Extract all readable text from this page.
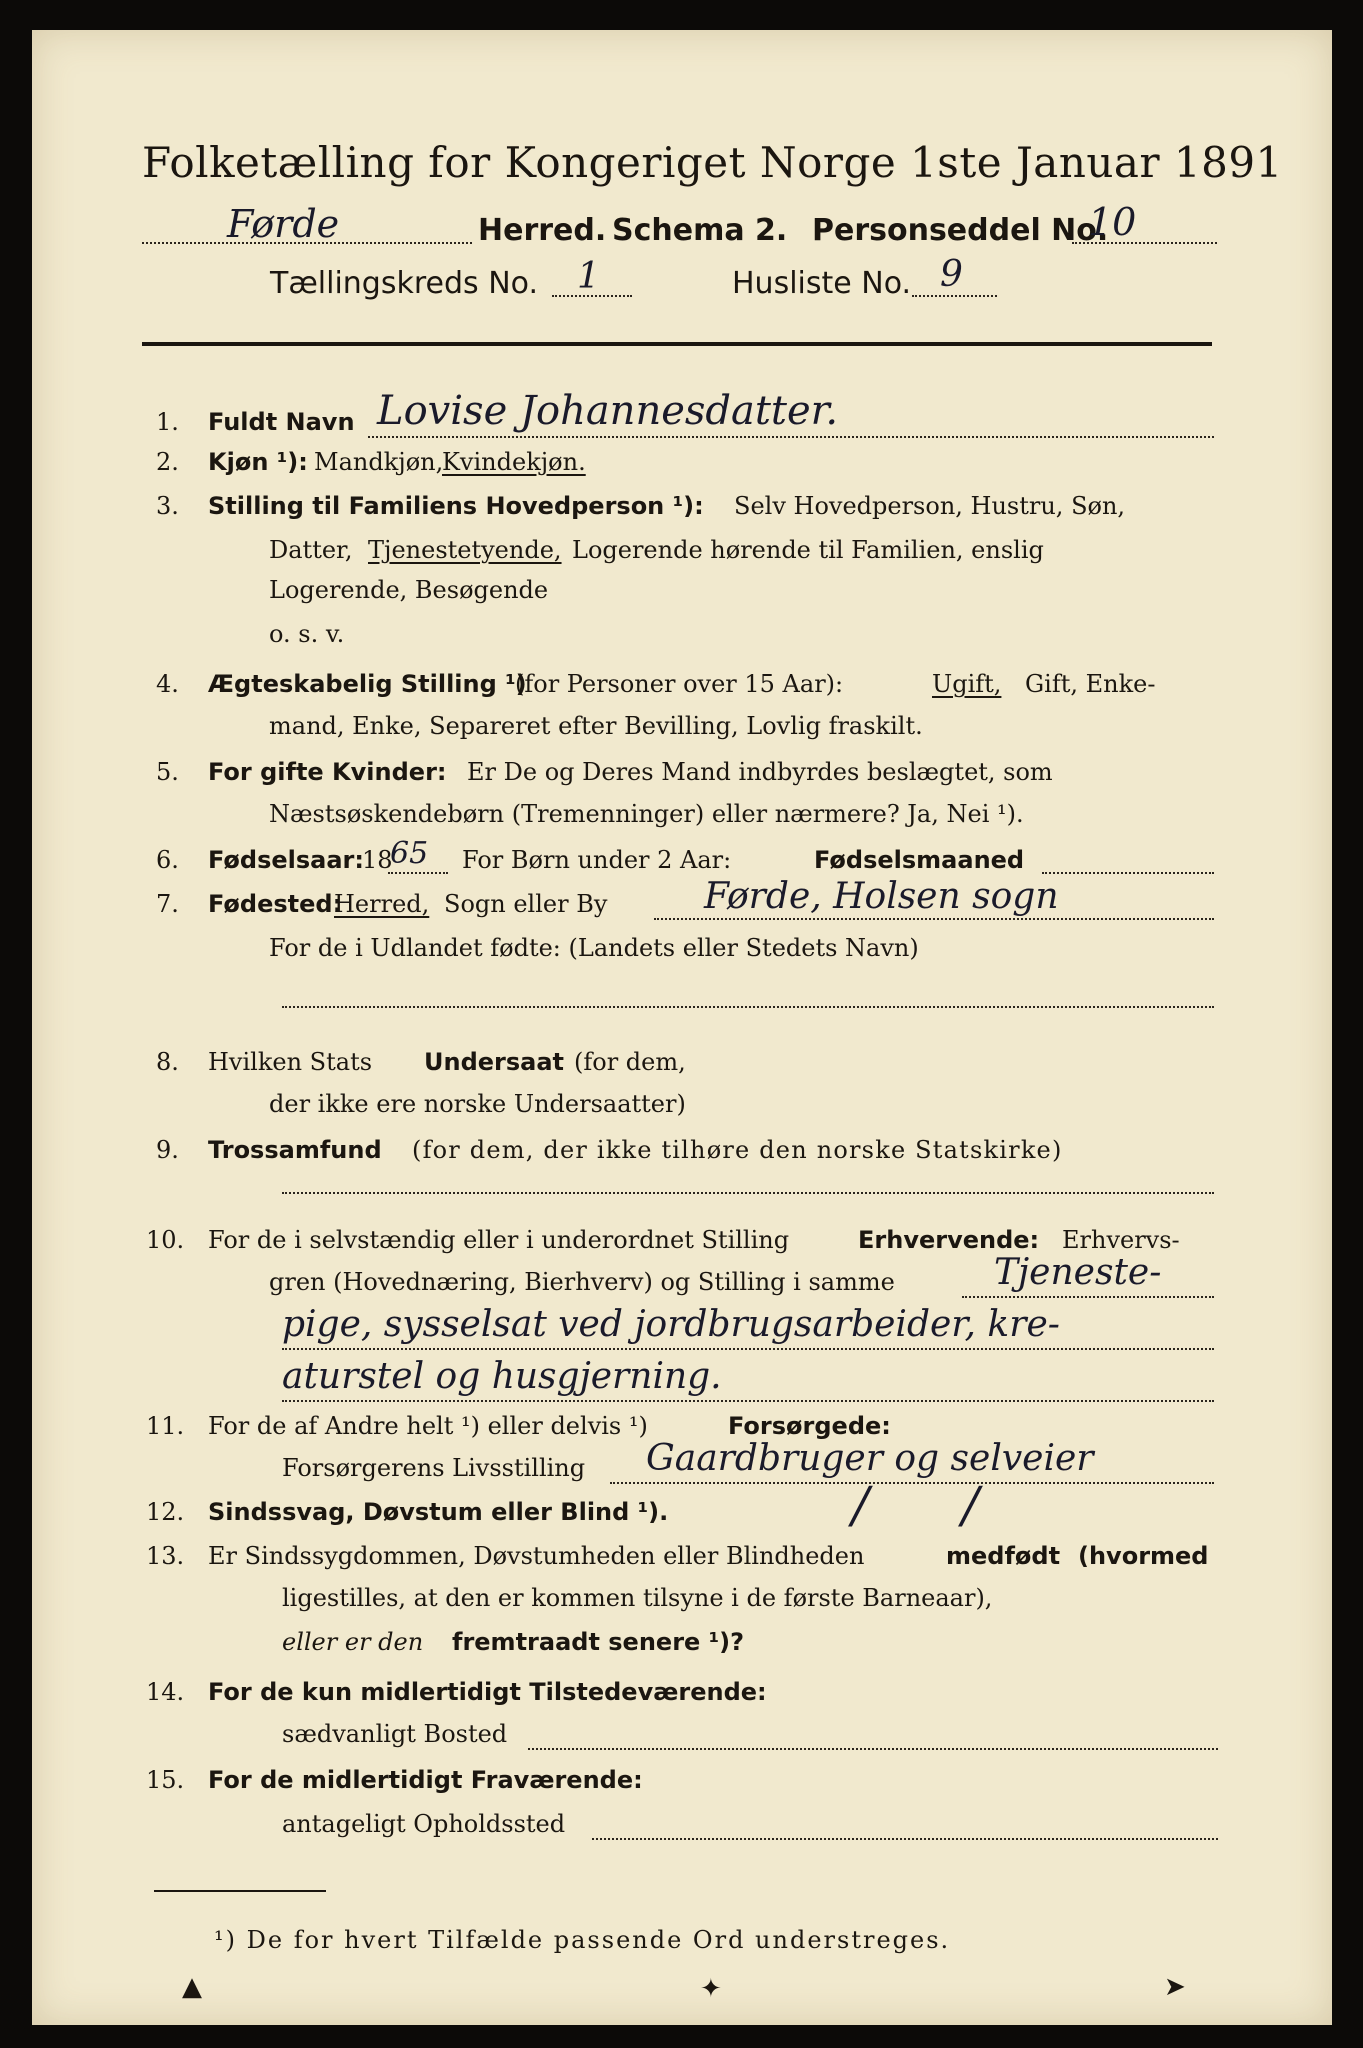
Folketælling for Kongeriget Norge 1ste Januar 1891
Førde	Herred. Schema 2. Personseddel No.
10
Tællingskreds No. 1	Husliste No. 9
1. Fuldt Navn Lovise Johannesdatter.
2. Kjøn ¹): Mandkjøn,
Kvindekjøn.
3. Stilling til Familiens Hovedperson ¹): Selv Hovedperson, Hustru, Søn,
Datter, Tjenestetyende, Logerende hørende til Familien, enslig
Logerende, Besøgende
o. s. v.
4. Ægteskabelig Stilling ¹)
(for Personer over 15 Aar):	Ugift, Gift, Enke-
mand, Enke, Separeret efter Bevilling, Lovlig fraskilt.
5. For gifte Kvinder: Er De og Deres Mand indbyrdes beslægtet, som
Næstsøskendebørn (Tremenninger) eller nærmere? Ja, Nei ¹).
6. Fødselsaar:
18
65 For Børn under 2 Aar:	Fødselsmaaned
7. Fødested:
Herred, Sogn eller By	Førde, Holsen sogn
For de i Udlandet fødte: (Landets eller Stedets Navn)
8. Hvilken Stats Undersaat (for dem,
der ikke ere norske Undersaatter)
9. Trossamfund (for dem, der ikke tilhøre den norske Statskirke)
10. For de i selvstændig eller i underordnet Stilling	Erhvervende: Erhvervs-
gren (Hovednæring, Bierhverv) og Stilling i samme	Tjeneste-
pige, sysselsat ved jordbrugsarbeider, kre-
aturstel og husgjerning.
11. For de af Andre helt ¹) eller delvis ¹)	Forsørgede:
Forsørgerens Livsstilling Gaardbruger og selveier
12. Sindssvag, Døvstum eller Blind ¹).	/ /
13. Er Sindssygdommen, Døvstumheden eller Blindheden	medfødt (hvormed
ligestilles, at den er kommen tilsyne i de første Barneaar),
eller er den fremtraadt senere ¹)?
14. For de kun midlertidigt Tilstedeværende:
sædvanligt Bosted
15. For de midlertidigt Fraværende:
antageligt Opholdssted
¹) De for hvert Tilfælde passende Ord understreges.
▲	✦	➤
